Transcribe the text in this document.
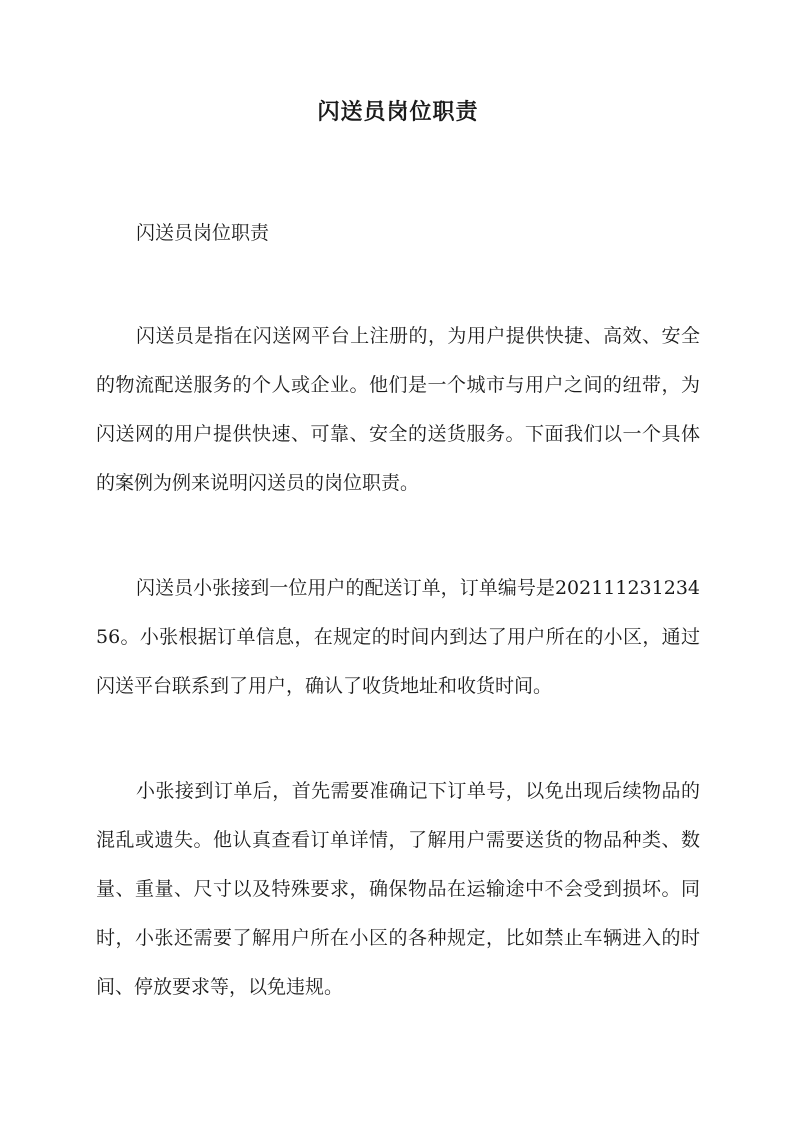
闪送员岗位职责

闪送员岗位职责

闪送员是指在闪送网平台上注册的，为用户提供快捷、高效、安全的物流配送服务的个人或企业。他们是一个城市与用户之间的纽带，为闪送网的用户提供快速、可靠、安全的送货服务。下面我们以一个具体的案例为例来说明闪送员的岗位职责。

闪送员小张接到一位用户的配送订单，订单编号是20211123123456。小张根据订单信息，在规定的时间内到达了用户所在的小区，通过闪送平台联系到了用户，确认了收货地址和收货时间。

小张接到订单后，首先需要准确记下订单号，以免出现后续物品的混乱或遗失。他认真查看订单详情，了解用户需要送货的物品种类、数量、重量、尺寸以及特殊要求，确保物品在运输途中不会受到损坏。同时，小张还需要了解用户所在小区的各种规定，比如禁止车辆进入的时间、停放要求等，以免违规。
